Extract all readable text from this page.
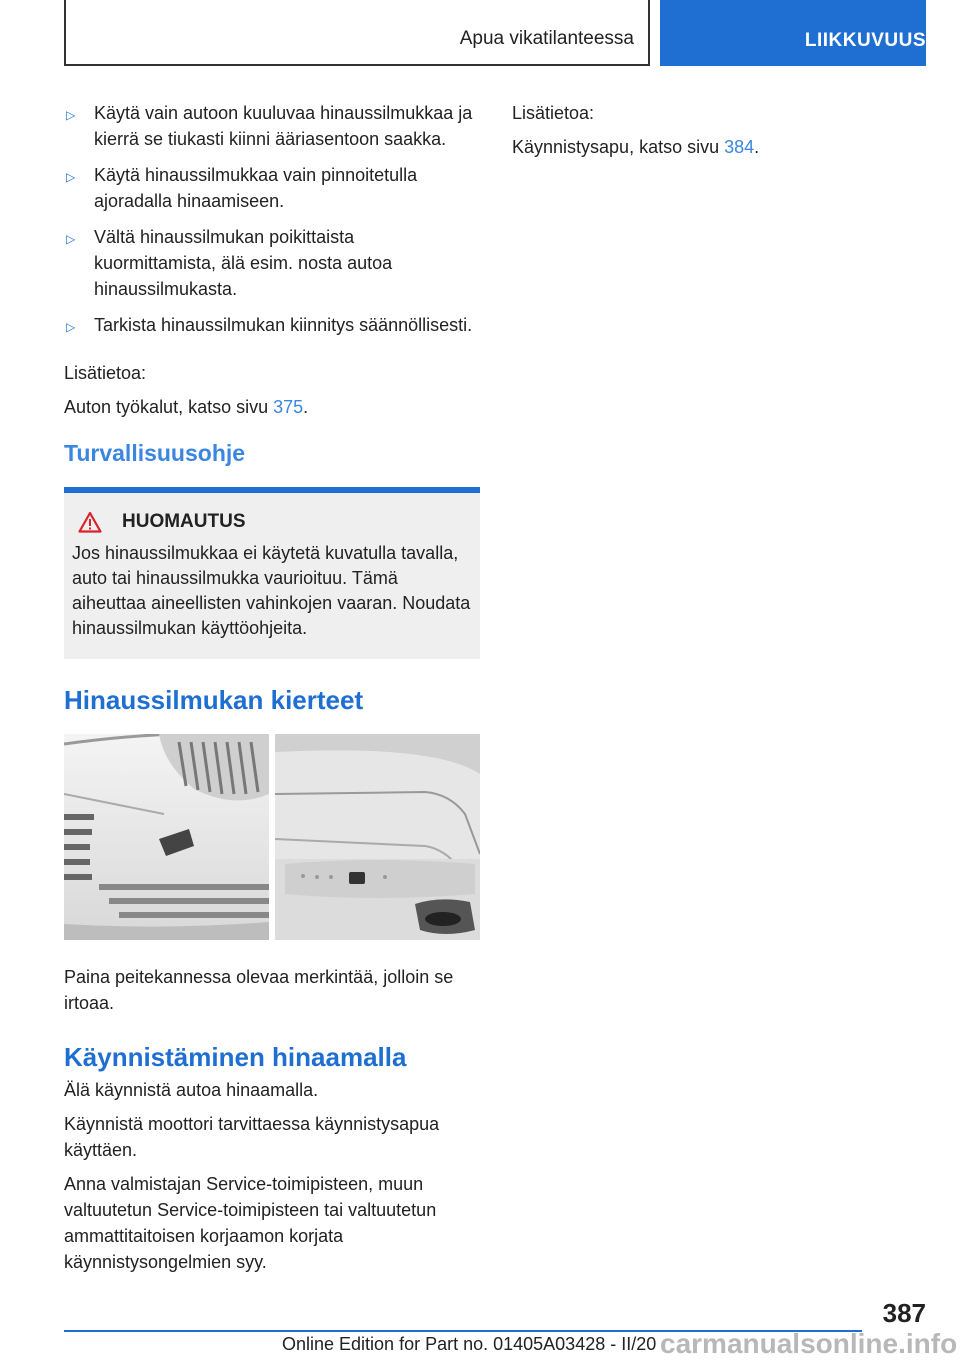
Apua vikatilanteessa	LIIKKUVUUS
▷	Käytä vain autoon kuuluvaa hinaussilmukkaa ja kierrä se tiukasti kiinni ääriasentoon saakka.
▷	Käytä hinaussilmukkaa vain pinnoitetulla ajoradalla hinaamiseen.
▷	Vältä hinaussilmukan poikittaista kuormittamista, älä esim. nosta autoa hinaussilmukasta.
▷	Tarkista hinaussilmukan kiinnitys säännöllisesti.

Lisätietoa:

Auton työkalut, katso sivu 375.

Turvallisuusohje
HUOMAUTUS
Jos hinaussilmukkaa ei käytetä kuvatulla tavalla, auto tai hinaussilmukka vaurioituu. Tämä aiheuttaa aineellisten vahinkojen vaaran. Noudata hinaussilmukan käyttöohjeita.
Hinaussilmukan kierteet

Paina peitekannessa olevaa merkintää, jolloin se irtoaa.

Käynnistäminen hinaamalla

Älä käynnistä autoa hinaamalla.

Käynnistä moottori tarvittaessa käynnistysapua käyttäen.

Anna valmistajan Service-toimipisteen, muun valtuutetun Service-toimipisteen tai valtuutetun ammattitaitoisen korjaamon korjata käynnistysongelmien syy.

Lisätietoa:

Käynnistysapu, katso sivu 384.

387
Online Edition for Part no. 01405A03428 - II/20 carmanualsonline.info
